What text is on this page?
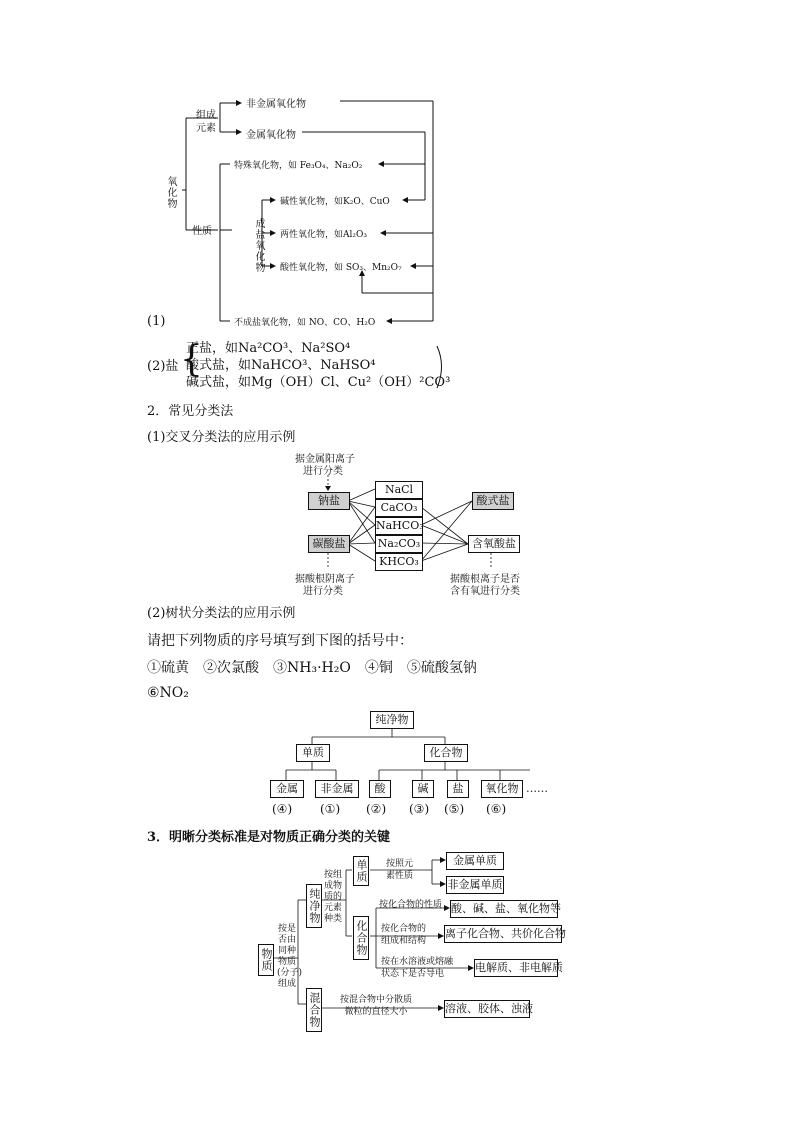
氧化物
组成
元素
性质
非金属氧化物
金属氧化物
特殊氧化物，如 Fe₃O₄、Na₂O₂
成盐氧化物
碱性氧化物，如K₂O、CuO
两性氧化物，如Al₂O₃
酸性氧化物，如 SO₃、Mn₂O₇
不成盐氧化物，如 NO、CO、H₂O
(1)
(2)盐 {
正盐，如Na²CO³、Na²SO⁴
酸式盐，如NaHCO³、NaHSO⁴
碱式盐，如Mg（OH）Cl、Cu²（OH）²CO³
2．常见分类法
(1)交叉分类法的应用示例
据金属阳离子
进行分类
钠盐
碳酸盐
NaCl
CaCO₃
NaHCO₃
Na₂CO₃
KHCO₃
酸式盐
含氧酸盐
据酸根阴离子
进行分类
据酸根离子是否
含有氧进行分类
(2)树状分类法的应用示例
请把下列物质的序号填写到下图的括号中：
①硫黄　②次氯酸　③NH₃·H₂O　④铜　⑤硫酸氢钠
⑥NO₂
纯净物
单质	化合物
金属	非金属	酸	碱	盐	氧化物 ……
(④) (①) (②) (③) (⑤) (⑥)
3．明晰分类标准是对物质正确分类的关键
物质
按是
否由
同种
物质
(分子)
组成
纯净物
混合物
按组
成物
质的
元素
种类
单质
化合物
按照元
素性质
金属单质
非金属单质
按化合物的性质 酸、碱、盐、氧化物等
按化合物的
组成和结构
离子化合物、共价化合物
按在水溶液或熔融
状态下是否导电	电解质、非电解质
按混合物中分散质
微粒的直径大小	溶液、胶体、浊液
